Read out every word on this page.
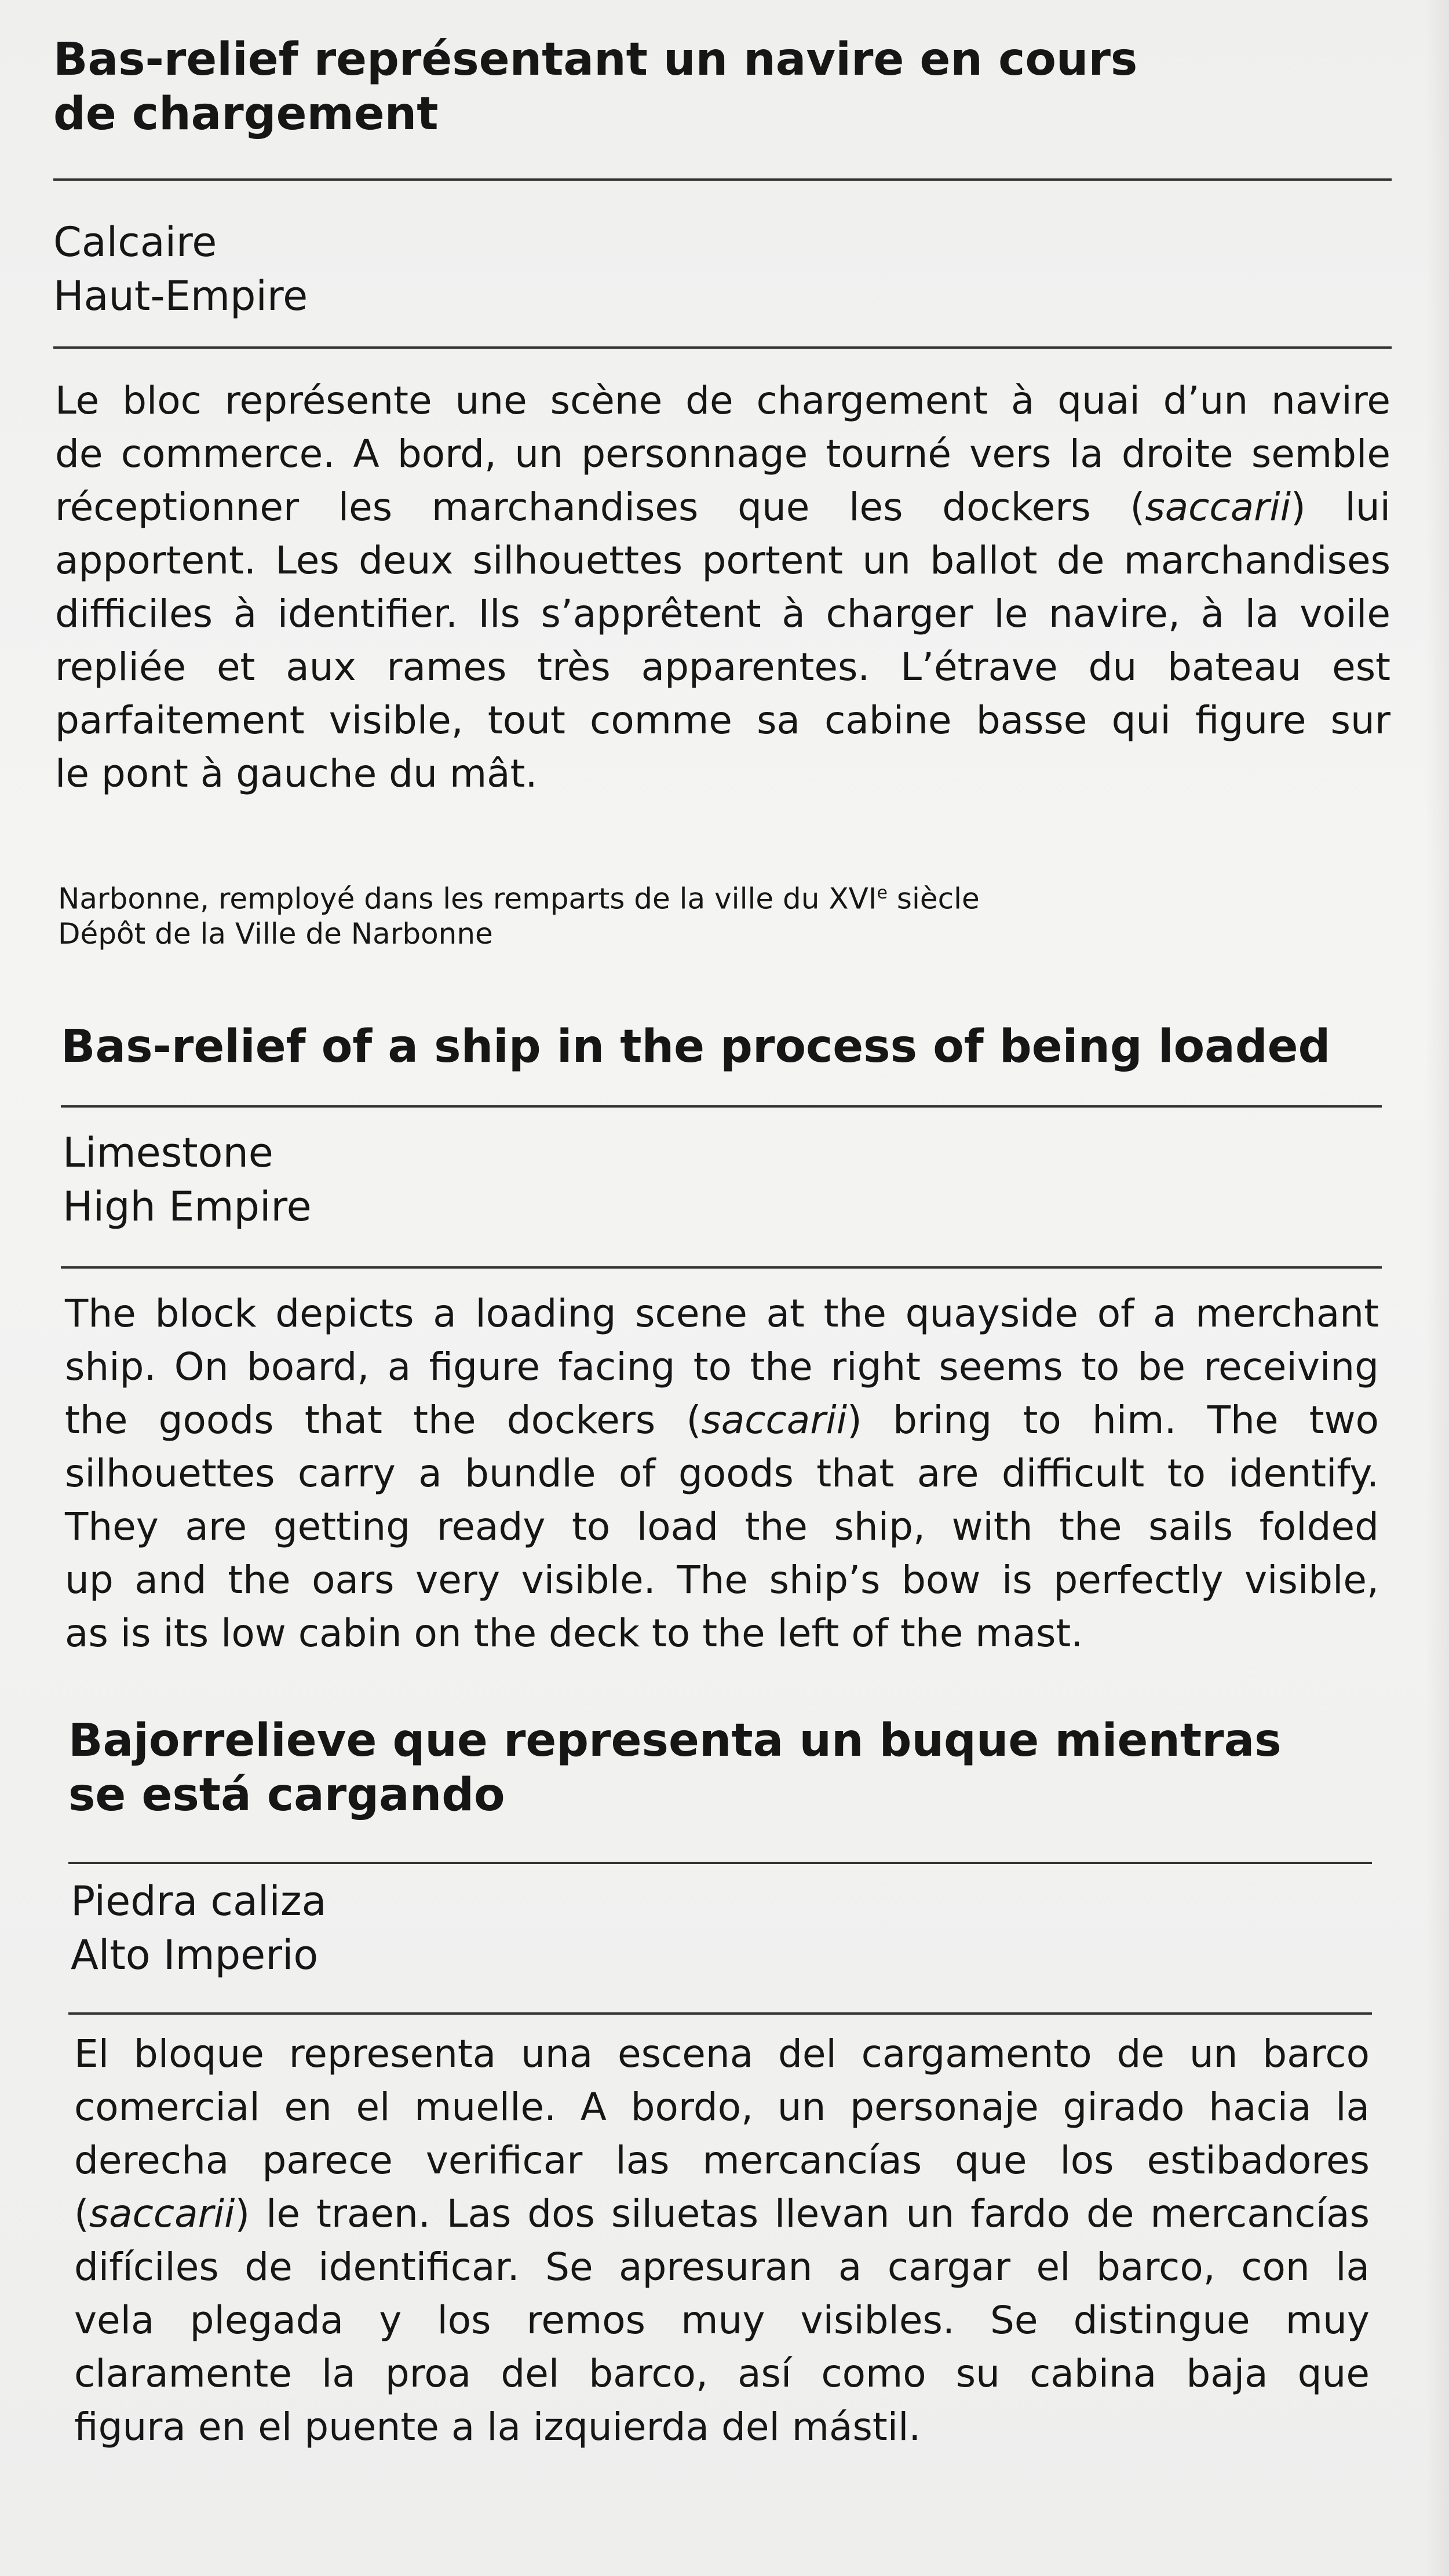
Bas-relief représentant un navire en cours
de chargement
Calcaire
Haut-Empire
Le bloc représente une scène de chargement à quai d’un navire
de commerce. A bord, un personnage tourné vers la droite semble
réceptionner les marchandises que les dockers (saccarii) lui
apportent. Les deux silhouettes portent un ballot de marchandises
difficiles à identifier. Ils s’apprêtent à charger le navire, à la voile
repliée et aux rames très apparentes. L’étrave du bateau est
parfaitement visible, tout comme sa cabine basse qui figure sur
le pont à gauche du mât.
Narbonne, remployé dans les remparts de la ville du XVIe siècle
Dépôt de la Ville de Narbonne
Bas-relief of a ship in the process of being loaded
Limestone
High Empire
The block depicts a loading scene at the quayside of a merchant
ship. On board, a figure facing to the right seems to be receiving
the goods that the dockers (saccarii) bring to him. The two
silhouettes carry a bundle of goods that are difficult to identify.
They are getting ready to load the ship, with the sails folded
up and the oars very visible. The ship’s bow is perfectly visible,
as is its low cabin on the deck to the left of the mast.
Bajorrelieve que representa un buque mientras
se está cargando
Piedra caliza
Alto Imperio
El bloque representa una escena del cargamento de un barco
comercial en el muelle. A bordo, un personaje girado hacia la
derecha parece verificar las mercancías que los estibadores
(saccarii) le traen. Las dos siluetas llevan un fardo de mercancías
difíciles de identificar. Se apresuran a cargar el barco, con la
vela plegada y los remos muy visibles. Se distingue muy
claramente la proa del barco, así como su cabina baja que
figura en el puente a la izquierda del mástil.
